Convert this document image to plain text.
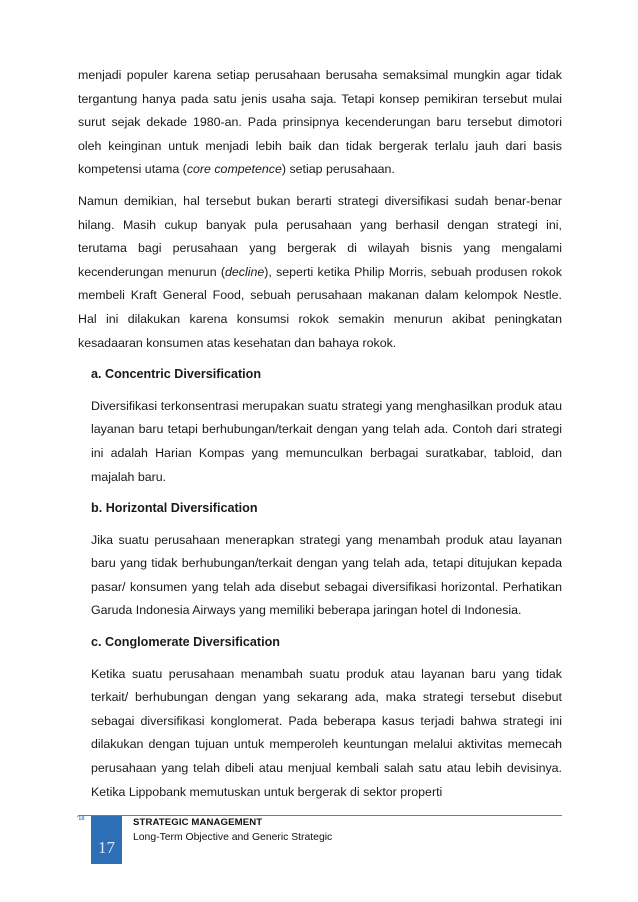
menjadi populer karena setiap perusahaan berusaha semaksimal mungkin agar tidak tergantung hanya pada satu jenis usaha saja. Tetapi konsep pemikiran tersebut mulai surut sejak dekade 1980-an. Pada prinsipnya kecenderungan baru tersebut dimotori oleh keinginan untuk menjadi lebih baik dan tidak bergerak terlalu jauh dari basis kompetensi utama (core competence) setiap perusahaan.

Namun demikian, hal tersebut bukan berarti strategi diversifikasi sudah benar-benar hilang. Masih cukup banyak pula perusahaan yang berhasil dengan strategi ini, terutama bagi perusahaan yang bergerak di wilayah bisnis yang mengalami kecenderungan menurun (decline), seperti ketika Philip Morris, sebuah produsen rokok membeli Kraft General Food, sebuah perusahaan makanan dalam kelompok Nestle. Hal ini dilakukan karena konsumsi rokok semakin menurun akibat peningkatan kesadaaran konsumen atas kesehatan dan bahaya rokok.

a. Concentric Diversification

Diversifikasi terkonsentrasi merupakan suatu strategi yang menghasilkan produk atau layanan baru tetapi berhubungan/terkait dengan yang telah ada. Contoh dari strategi ini adalah Harian Kompas yang memunculkan berbagai suratkabar, tabloid, dan majalah baru.

b. Horizontal Diversification

Jika suatu perusahaan menerapkan strategi yang menambah produk atau layanan baru yang tidak berhubungan/terkait dengan yang telah ada, tetapi ditujukan kepada pasar/ konsumen yang telah ada disebut sebagai diversifikasi horizontal. Perhatikan Garuda Indonesia Airways yang memiliki beberapa jaringan hotel di Indonesia.

c. Conglomerate Diversification

Ketika suatu perusahaan menambah suatu produk atau layanan baru yang tidak terkait/ berhubungan dengan yang sekarang ada, maka strategi tersebut disebut sebagai diversifikasi konglomerat. Pada beberapa kasus terjadi bahwa strategi ini dilakukan dengan tujuan untuk memperoleh keuntungan melalui aktivitas memecah perusahaan yang telah dibeli atau menjual kembali salah satu atau lebih devisinya. Ketika Lippobank memutuskan untuk bergerak di sektor properti

'18
17
STRATEGIC MANAGEMENT
Long-Term Objective and Generic Strategic
